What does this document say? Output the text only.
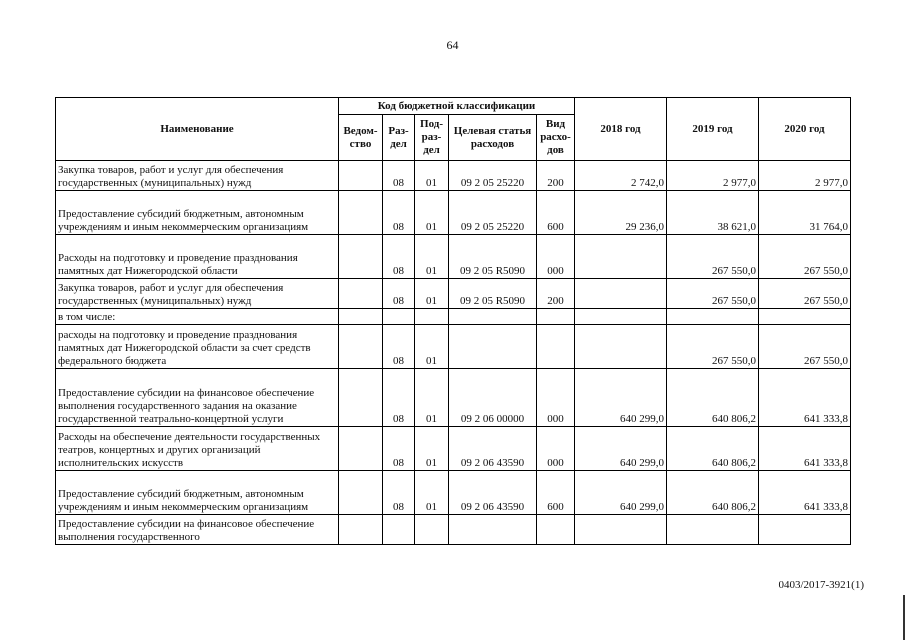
64
Наименование	Код бюджетной классификации					2018 год	2019 год	2020 год
	Ведом-ство	Раз-дел	Под-раз-дел	Целевая статья расходов	Вид расхо-дов			
Закупка товаров, работ и услуг для обеспечения государственных (муниципальных) нужд		08	01	09 2 05 25220	200	2 742,0	2 977,0	2 977,0
Предоставление субсидий бюджетным, автономным учреждениям и иным некоммерческим организациям		08	01	09 2 05 25220	600	29 236,0	38 621,0	31 764,0
Расходы на подготовку и проведение празднования памятных дат Нижегородской области		08	01	09 2 05 R5090	000		267 550,0	267 550,0
Закупка товаров, работ и услуг для обеспечения государственных (муниципальных) нужд		08	01	09 2 05 R5090	200		267 550,0	267 550,0
в том числе:								
расходы на подготовку и проведение празднования памятных дат Нижегородской области за счет средств федерального бюджета		08	01				267 550,0	267 550,0
Предоставление субсидии на финансовое обеспечение выполнения государственного задания на оказание государственной театрально-концертной услуги		08	01	09 2 06 00000	000	640 299,0	640 806,2	641 333,8
Расходы на обеспечение деятельности государственных театров, концертных и других организаций исполнительских искусств		08	01	09 2 06 43590	000	640 299,0	640 806,2	641 333,8
Предоставление субсидий бюджетным, автономным учреждениям и иным некоммерческим организациям		08	01	09 2 06 43590	600	640 299,0	640 806,2	641 333,8
Предоставление субсидии на финансовое обеспечение выполнения государственного								
0403/2017-3921(1)
